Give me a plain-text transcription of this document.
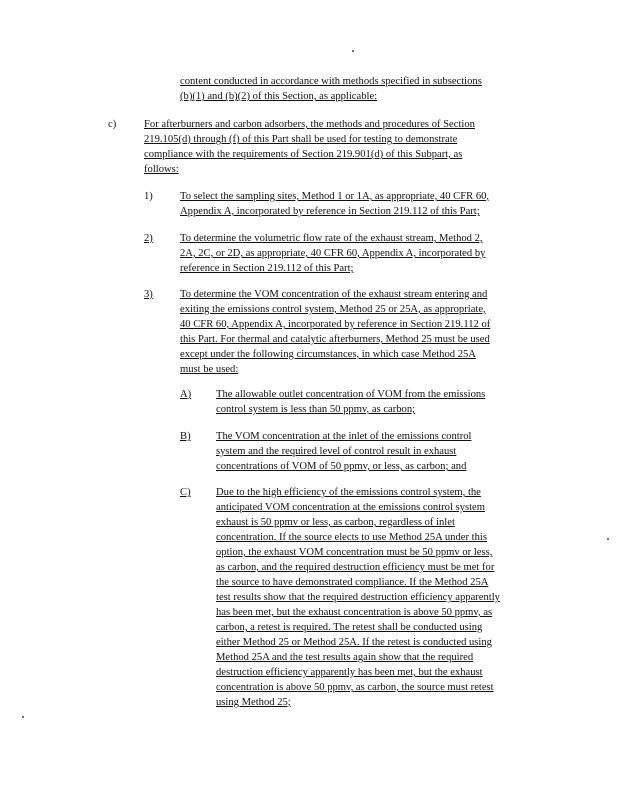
content conducted in accordance with methods specified in subsections
(b)(1) and (b)(2) of this Section, as applicable:
c)	For afterburners and carbon adsorbers, the methods and procedures of Section
219.105(d) through (f) of this Part shall be used for testing to demonstrate
compliance with the requirements of Section 219.901(d) of this Subpart, as
follows:
1)	To select the sampling sites, Method 1 or 1A, as appropriate, 40 CFR 60,
Appendix A, incorporated by reference in Section 219.112 of this Part;
2)	To determine the volumetric flow rate of the exhaust stream, Method 2,
2A, 2C, or 2D, as appropriate, 40 CFR 60, Appendix A, incorporated by
reference in Section 219.112 of this Part;
3)	To determine the VOM concentration of the exhaust stream entering and
exiting the emissions control system, Method 25 or 25A, as appropriate,
40 CFR 60, Appendix A, incorporated by reference in Section 219.112 of
this Part. For thermal and catalytic afterburners, Method 25 must be used
except under the following circumstances, in which case Method 25A
must be used:
A) The allowable outlet concentration of VOM from the emissions
control system is less than 50 ppmv, as carbon;
B) The VOM concentration at the inlet of the emissions control
system and the required level of control result in exhaust
concentrations of VOM of 50 ppmv, or less, as carbon; and
C) Due to the high efficiency of the emissions control system, the
anticipated VOM concentration at the emissions control system
exhaust is 50 ppmv or less, as carbon, regardless of inlet
concentration. If the source elects to use Method 25A under this
option, the exhaust VOM concentration must be 50 ppmv or less,
as carbon, and the required destruction efficiency must be met for
the source to have demonstrated compliance. If the Method 25A
test results show that the required destruction efficiency apparently
has been met, but the exhaust concentration is above 50 ppmv, as
carbon, a retest is required. The retest shall be conducted using
either Method 25 or Method 25A. If the retest is conducted using
Method 25A and the test results again show that the required
destruction efficiency apparently has been met, but the exhaust
concentration is above 50 ppmv, as carbon, the source must retest
using Method 25;
